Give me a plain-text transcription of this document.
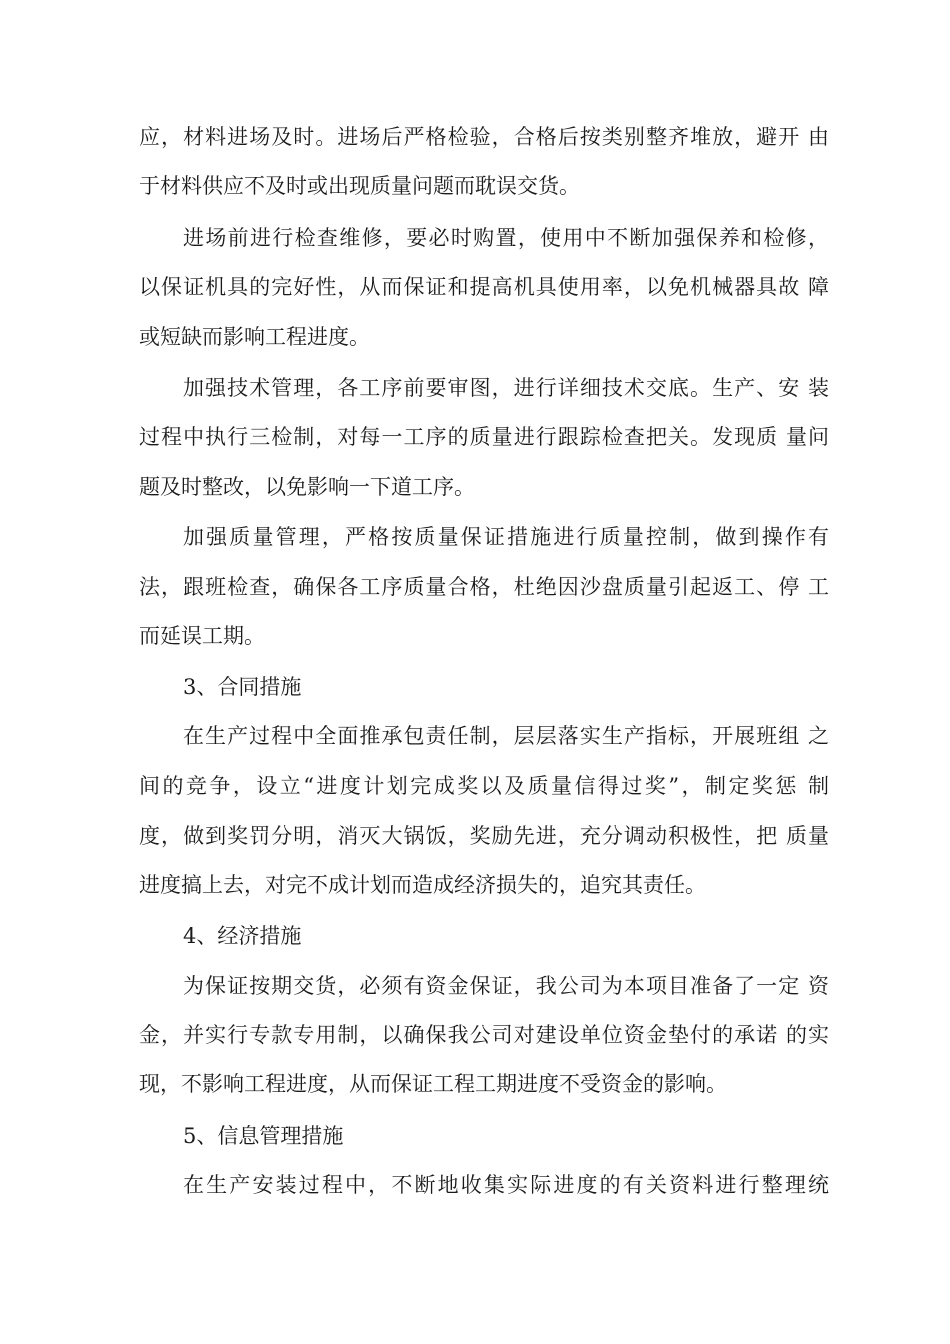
应，材料进场及时。进场后严格检验，合格后按类别整齐堆放，避开 由
于材料供应不及时或出现质量问题而耽误交货。
进场前进行检查维修，要必时购置，使用中不断加强保养和检修，
以保证机具的完好性，从而保证和提高机具使用率，以免机械器具故 障
或短缺而影响工程进度。
加强技术管理，各工序前要审图，进行详细技术交底。生产、安 装
过程中执行三检制，对每一工序的质量进行跟踪检查把关。发现质 量问
题及时整改，以免影响一下道工序。
加强质量管理，严格按质量保证措施进行质量控制，做到操作有
法，跟班检查，确保各工序质量合格，杜绝因沙盘质量引起返工、停 工
而延误工期。
3、合同措施
在生产过程中全面推承包责任制，层层落实生产指标，开展班组 之
间的竞争，设立“进度计划完成奖以及质量信得过奖”，制定奖惩 制
度，做到奖罚分明，消灭大锅饭，奖励先进，充分调动积极性，把 质量
进度搞上去，对完不成计划而造成经济损失的，追究其责任。
4、经济措施
为保证按期交货，必须有资金保证，我公司为本项目准备了一定 资
金，并实行专款专用制，以确保我公司对建设单位资金垫付的承诺 的实
现，不影响工程进度，从而保证工程工期进度不受资金的影响。
5、信息管理措施
在生产安装过程中，不断地收集实际进度的有关资料进行整理统
